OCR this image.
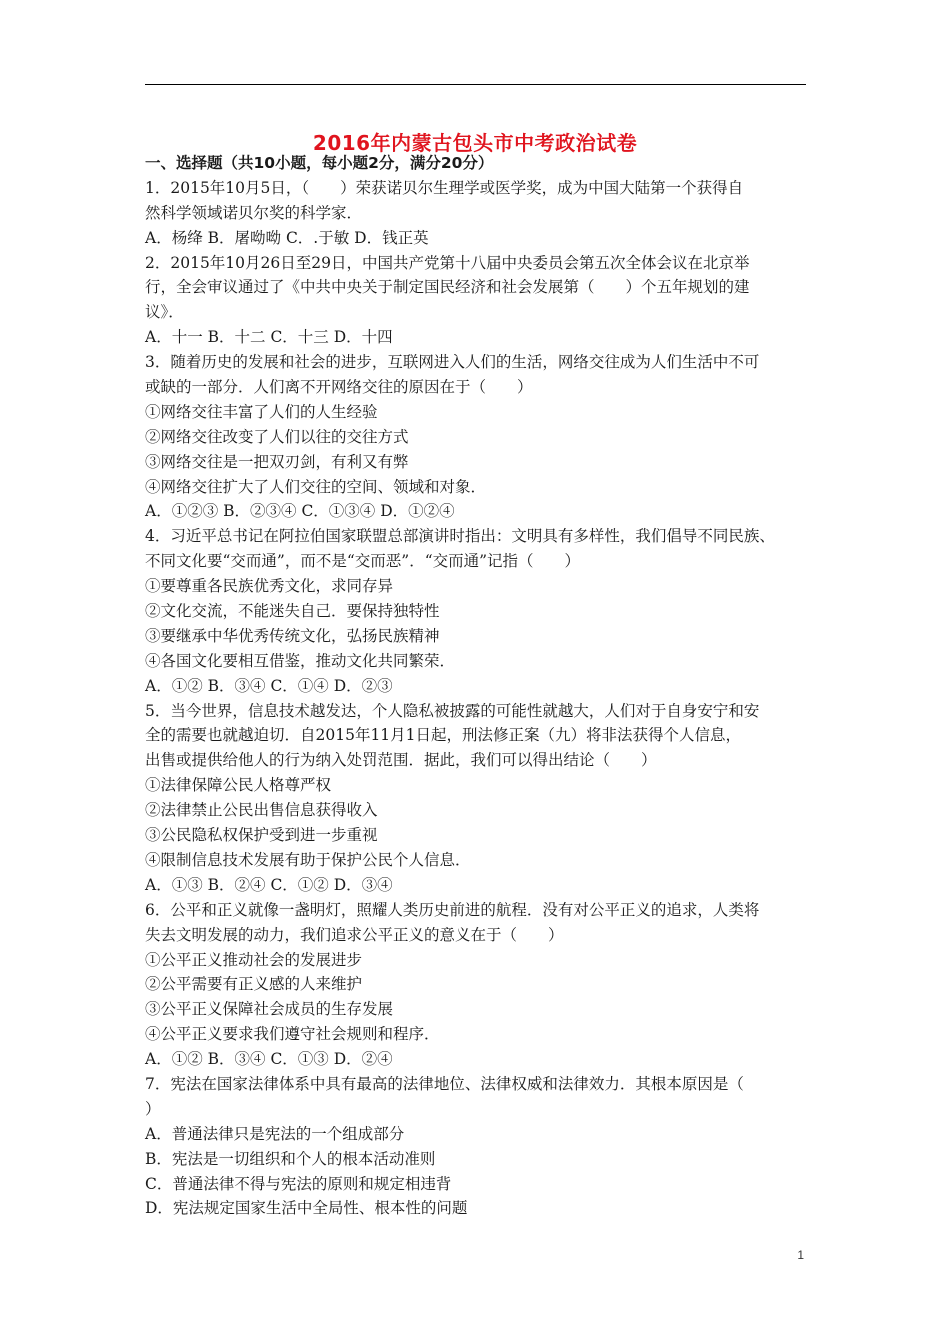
2016年内蒙古包头市中考政治试卷
一、选择题（共10小题，每小题2分，满分20分）
1．2015年10月5日，（　　）荣获诺贝尔生理学或医学奖，成为中国大陆第一个获得自
然科学领域诺贝尔奖的科学家．
A．杨绛 B．屠呦呦 C．.于敏 D．钱正英
2．2015年10月26日至29日，中国共产党第十八届中央委员会第五次全体会议在北京举
行，全会审议通过了《中共中央关于制定国民经济和社会发展第（　　）个五年规划的建
议》．
A．十一 B．十二 C．十三 D．十四
3．随着历史的发展和社会的进步，互联网进入人们的生活，网络交往成为人们生活中不可
或缺的一部分．人们离不开网络交往的原因在于（　　）
①网络交往丰富了人们的人生经验
②网络交往改变了人们以往的交往方式
③网络交往是一把双刃剑，有利又有弊
④网络交往扩大了人们交往的空间、领域和对象．
A．①②③ B．②③④ C．①③④ D．①②④
4．习近平总书记在阿拉伯国家联盟总部演讲时指出：文明具有多样性，我们倡导不同民族、
不同文化要“交而通”，而不是“交而恶”．“交而通”记指（　　）
①要尊重各民族优秀文化，求同存异
②文化交流，不能迷失自己．要保持独特性
③要继承中华优秀传统文化，弘扬民族精神
④各国文化要相互借鉴，推动文化共同繁荣．
A．①② B．③④ C．①④ D．②③
5．当今世界，信息技术越发达，个人隐私被披露的可能性就越大，人们对于自身安宁和安
全的需要也就越迫切．自2015年11月1日起，刑法修正案（九）将非法获得个人信息，
出售或提供给他人的行为纳入处罚范围．据此，我们可以得出结论（　　）
①法律保障公民人格尊严权
②法律禁止公民出售信息获得收入
③公民隐私权保护受到进一步重视
④限制信息技术发展有助于保护公民个人信息．
A．①③ B．②④ C．①② D．③④
6．公平和正义就像一盏明灯，照耀人类历史前进的航程．没有对公平正义的追求，人类将
失去文明发展的动力，我们追求公平正义的意义在于（　　）
①公平正义推动社会的发展进步
②公平需要有正义感的人来维护
③公平正义保障社会成员的生存发展
④公平正义要求我们遵守社会规则和程序．
A．①② B．③④ C．①③ D．②④
7．宪法在国家法律体系中具有最高的法律地位、法律权威和法律效力．其根本原因是（
）
A．普通法律只是宪法的一个组成部分
B．宪法是一切组织和个人的根本活动准则
C．普通法律不得与宪法的原则和规定相违背
D．宪法规定国家生活中全局性、根本性的问题
1
